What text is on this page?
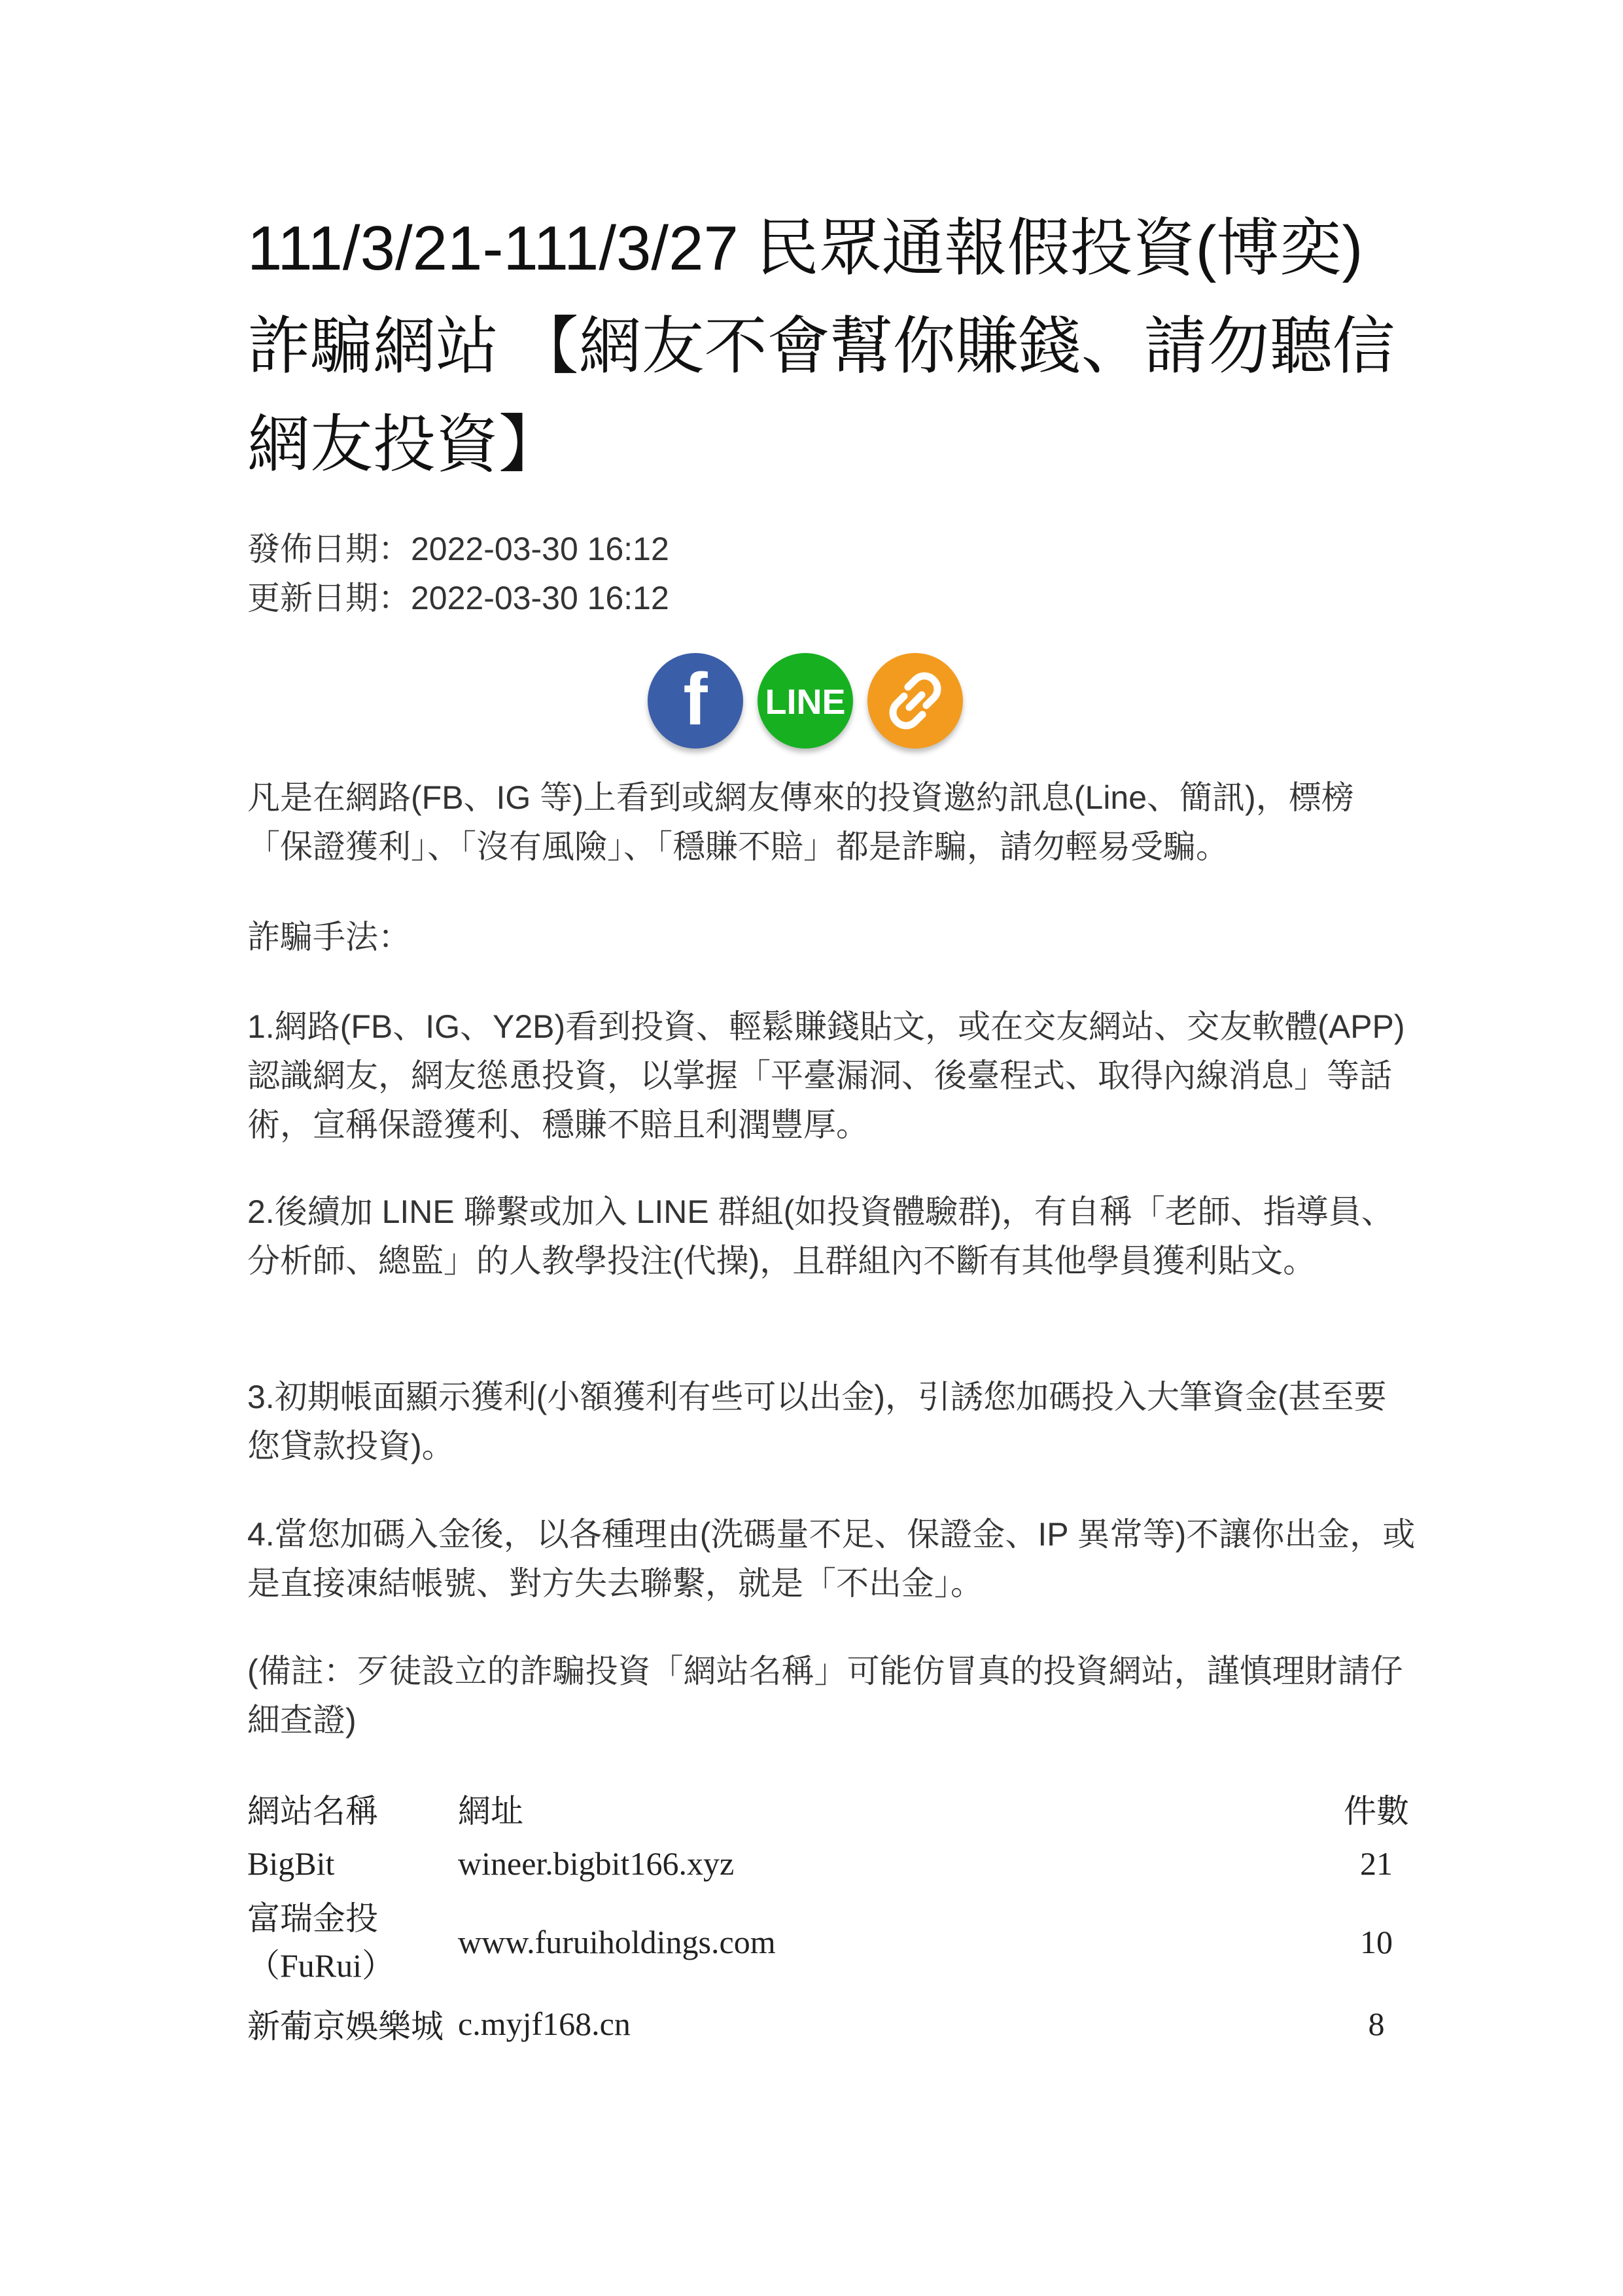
111/3/21-111/3/27 民眾通報假投資(博奕)詐騙網站 【網友不會幫你賺錢、請勿聽信網友投資】
發佈日期：2022-03-30 16:12
更新日期：2022-03-30 16:12
f LINE

凡是在網路(FB、IG 等)上看到或網友傳來的投資邀約訊息(Line、簡訊)，標榜「保證獲利」、「沒有風險」、「穩賺不賠」都是詐騙，請勿輕易受騙。

詐騙手法：

1.網路(FB、IG、Y2B)看到投資、輕鬆賺錢貼文，或在交友網站、交友軟體(APP)認識網友，網友慫恿投資，以掌握「平臺漏洞、後臺程式、取得內線消息」等話術，宣稱保證獲利、穩賺不賠且利潤豐厚。

2.後續加 LINE 聯繫或加入 LINE 群組(如投資體驗群)，有自稱「老師、指導員、分析師、總監」的人教學投注(代操)，且群組內不斷有其他學員獲利貼文。

3.初期帳面顯示獲利(小額獲利有些可以出金)，引誘您加碼投入大筆資金(甚至要您貸款投資)。

4.當您加碼入金後，以各種理由(洗碼量不足、保證金、IP 異常等)不讓你出金，或是直接凍結帳號、對方失去聯繫，就是「不出金」。

(備註：歹徒設立的詐騙投資「網站名稱」可能仿冒真的投資網站，謹慎理財請仔細查證)

網站名稱	網址	件數
BigBit	wineer.bigbit166.xyz	21

富瑞金投
（FuRui）	www.furuiholdings.com	10
新葡京娛樂城	c.myjf168.cn	8
